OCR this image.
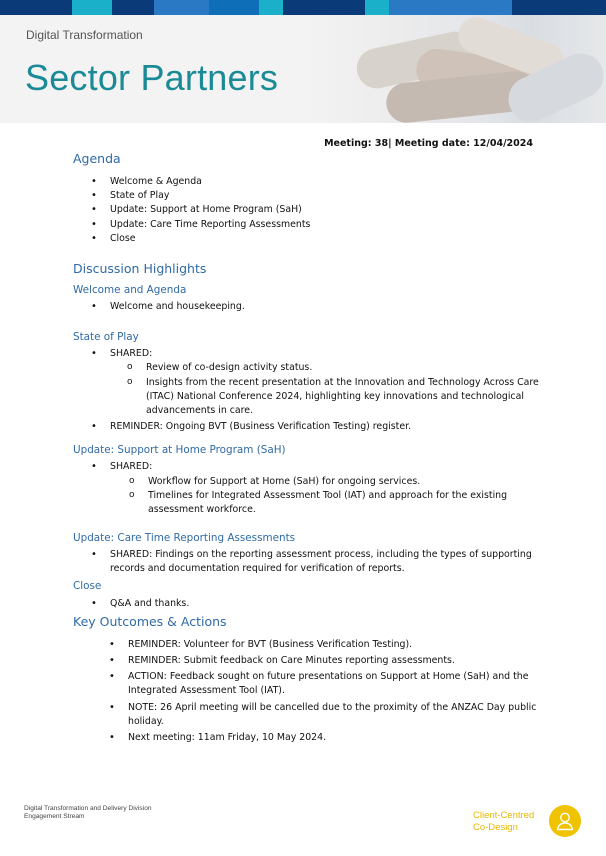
Digital Transformation
Sector Partners
Meeting: 38| Meeting date: 12/04/2024
Agenda
• Welcome & Agenda
• State of Play
• Update: Support at Home Program (SaH)
• Update: Care Time Reporting Assessments
• Close
Discussion Highlights
Welcome and Agenda
• Welcome and housekeeping.
State of Play
• SHARED:
o Review of co-design activity status.
o Insights from the recent presentation at the Innovation and Technology Across Care (ITAC) National Conference 2024, highlighting key innovations and technological advancements in care.
• REMINDER: Ongoing BVT (Business Verification Testing) register.
Update: Support at Home Program (SaH)
• SHARED:
o Workflow for Support at Home (SaH) for ongoing services.
o Timelines for Integrated Assessment Tool (IAT) and approach for the existing assessment workforce.
Update: Care Time Reporting Assessments
• SHARED: Findings on the reporting assessment process, including the types of supporting records and documentation required for verification of reports.
Close
• Q&A and thanks.
Key Outcomes & Actions
• REMINDER: Volunteer for BVT (Business Verification Testing).
• REMINDER: Submit feedback on Care Minutes reporting assessments.
• ACTION: Feedback sought on future presentations on Support at Home (SaH) and the Integrated Assessment Tool (IAT).
• NOTE: 26 April meeting will be cancelled due to the proximity of the ANZAC Day public holiday.
• Next meeting: 11am Friday, 10 May 2024.
Digital Transformation and Delivery Division
Engagement Stream	Client-Centred
Co-Design
